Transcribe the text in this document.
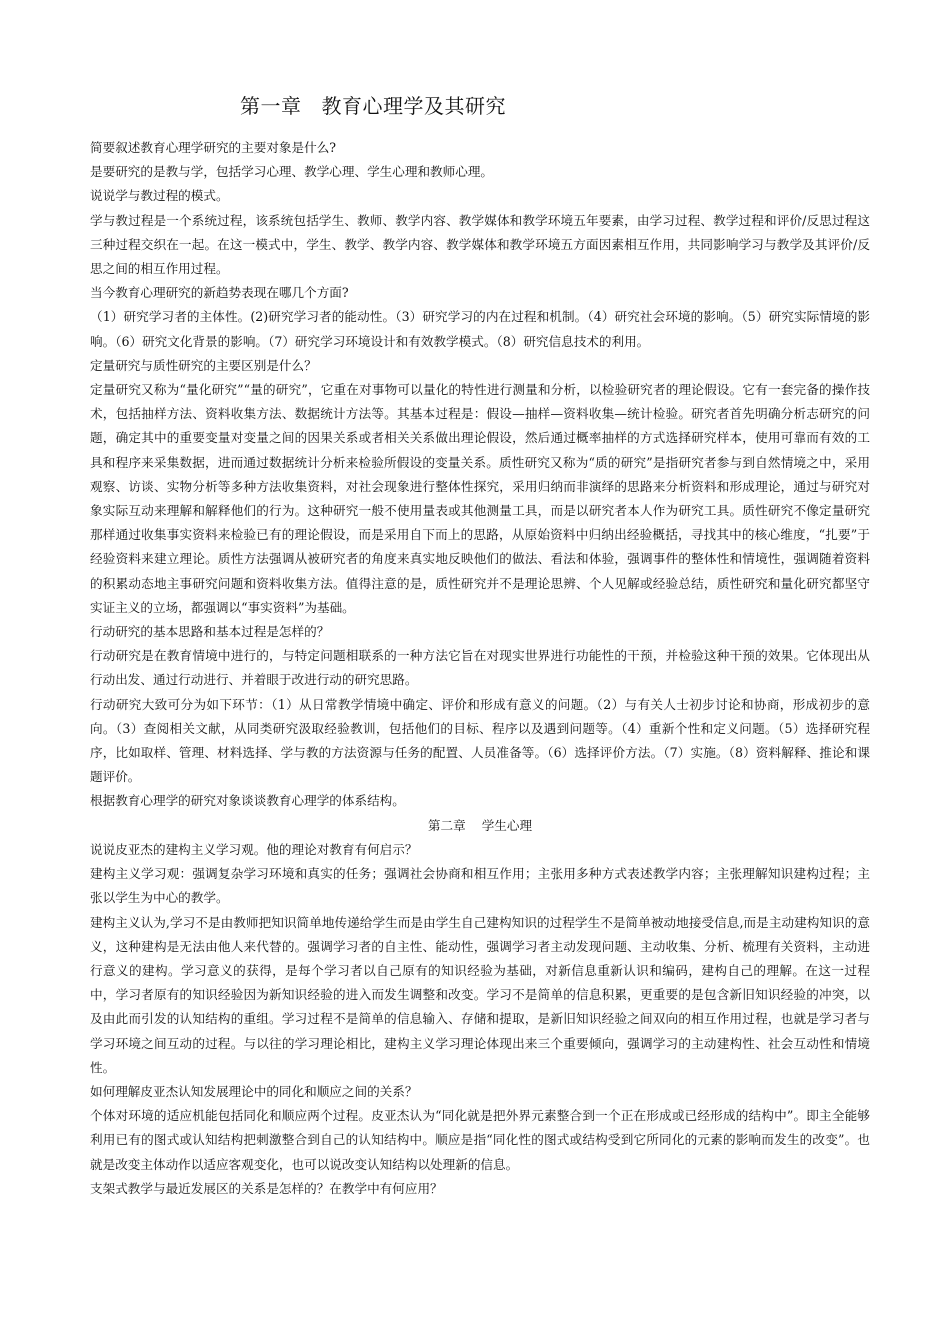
第一章 教育心理学及其研究

简要叙述教育心理学研究的主要对象是什么?

是要研究的是教与学，包括学习心理、教学心理、学生心理和教师心理。

说说学与教过程的模式。

学与教过程是一个系统过程，该系统包括学生、教师、教学内容、教学媒体和教学环境五年要素，由学习过程、教学过程和评价/反思过程这三种过程交织在一起。在这一模式中，学生、教学、教学内容、教学媒体和教学环境五方面因素相互作用，共同影响学习与教学及其评价/反思之间的相互作用过程。

当今教育心理研究的新趋势表现在哪几个方面?

（1）研究学习者的主体性。(2)研究学习者的能动性。（3）研究学习的内在过程和机制。（4）研究社会环境的影响。（5）研究实际情境的影响。（6）研究文化背景的影响。（7）研究学习环境设计和有效教学模式。（8）研究信息技术的利用。

定量研究与质性研究的主要区别是什么？

定量研究又称为“量化研究”“量的研究”，它重在对事物可以量化的特性进行测量和分析，以检验研究者的理论假设。它有一套完备的操作技术，包括抽样方法、资料收集方法、数据统计方法等。其基本过程是：假设—抽样—资料收集—统计检验。研究者首先明确分析志研究的问题，确定其中的重要变量对变量之间的因果关系或者相关关系做出理论假设，然后通过概率抽样的方式选择研究样本，使用可靠而有效的工具和程序来采集数据，进而通过数据统计分析来检验所假设的变量关系。质性研究又称为“质的研究”是指研究者参与到自然情境之中，采用观察、访谈、实物分析等多种方法收集资料，对社会现象进行整体性探究，采用归纳而非演绎的思路来分析资料和形成理论，通过与研究对象实际互动来理解和解释他们的行为。这种研究一般不使用量表或其他测量工具，而是以研究者本人作为研究工具。质性研究不像定量研究那样通过收集事实资料来检验已有的理论假设，而是采用自下而上的思路，从原始资料中归纳出经验概括，寻找其中的核心维度，“扎要”于经验资料来建立理论。质性方法强调从被研究者的角度来真实地反映他们的做法、看法和体验，强调事件的整体性和情境性，强调随着资料的积累动态地主事研究问题和资料收集方法。值得注意的是，质性研究并不是理论思辨、个人见解或经验总结，质性研究和量化研究都坚守实证主义的立场，都强调以“事实资料”为基础。

行动研究的基本思路和基本过程是怎样的？

行动研究是在教育情境中进行的，与特定问题相联系的一种方法它旨在对现实世界进行功能性的干预，并检验这种干预的效果。它体现出从行动出发、通过行动进行、并着眼于改进行动的研究思路。

行动研究大致可分为如下环节：（1）从日常教学情境中确定、评价和形成有意义的问题。（2）与有关人士初步讨论和协商，形成初步的意向。（3）查阅相关文献，从同类研究汲取经验教训，包括他们的目标、程序以及遇到问题等。（4）重新个性和定义问题。（5）选择研究程序，比如取样、管理、材料选择、学与教的方法资源与任务的配置、人员准备等。（6）选择评价方法。（7）实施。（8）资料解释、推论和课题评价。

根据教育心理学的研究对象谈谈教育心理学的体系结构。

第二章 学生心理

说说皮亚杰的建构主义学习观。他的理论对教育有何启示？

建构主义学习观：强调复杂学习环境和真实的任务；强调社会协商和相互作用；主张用多种方式表述教学内容；主张理解知识建构过程；主张以学生为中心的教学。

建构主义认为,学习不是由教师把知识简单地传递给学生而是由学生自己建构知识的过程学生不是简单被动地接受信息,而是主动建构知识的意义，这种建构是无法由他人来代替的。强调学习者的自主性、能动性，强调学习者主动发现问题、主动收集、分析、梳理有关资料，主动进行意义的建构。学习意义的获得，是每个学习者以自己原有的知识经验为基础，对新信息重新认识和编码，建构自己的理解。在这一过程中，学习者原有的知识经验因为新知识经验的进入而发生调整和改变。学习不是简单的信息积累，更重要的是包含新旧知识经验的冲突，以及由此而引发的认知结构的重组。学习过程不是简单的信息输入、存储和提取，是新旧知识经验之间双向的相互作用过程，也就是学习者与学习环境之间互动的过程。与以往的学习理论相比，建构主义学习理论体现出来三个重要倾向，强调学习的主动建构性、社会互动性和情境性。

如何理解皮亚杰认知发展理论中的同化和顺应之间的关系？

个体对环境的适应机能包括同化和顺应两个过程。皮亚杰认为“同化就是把外界元素整合到一个正在形成或已经形成的结构中”。即主全能够 利用已有的图式或认知结构把刺激整合到自己的认知结构中。顺应是指“同化性的图式或结构受到它所同化的元素的影响而发生的改变”。也就是改变主体动作以适应客观变化，也可以说改变认知结构以处理新的信息。

支架式教学与最近发展区的关系是怎样的？在教学中有何应用？
